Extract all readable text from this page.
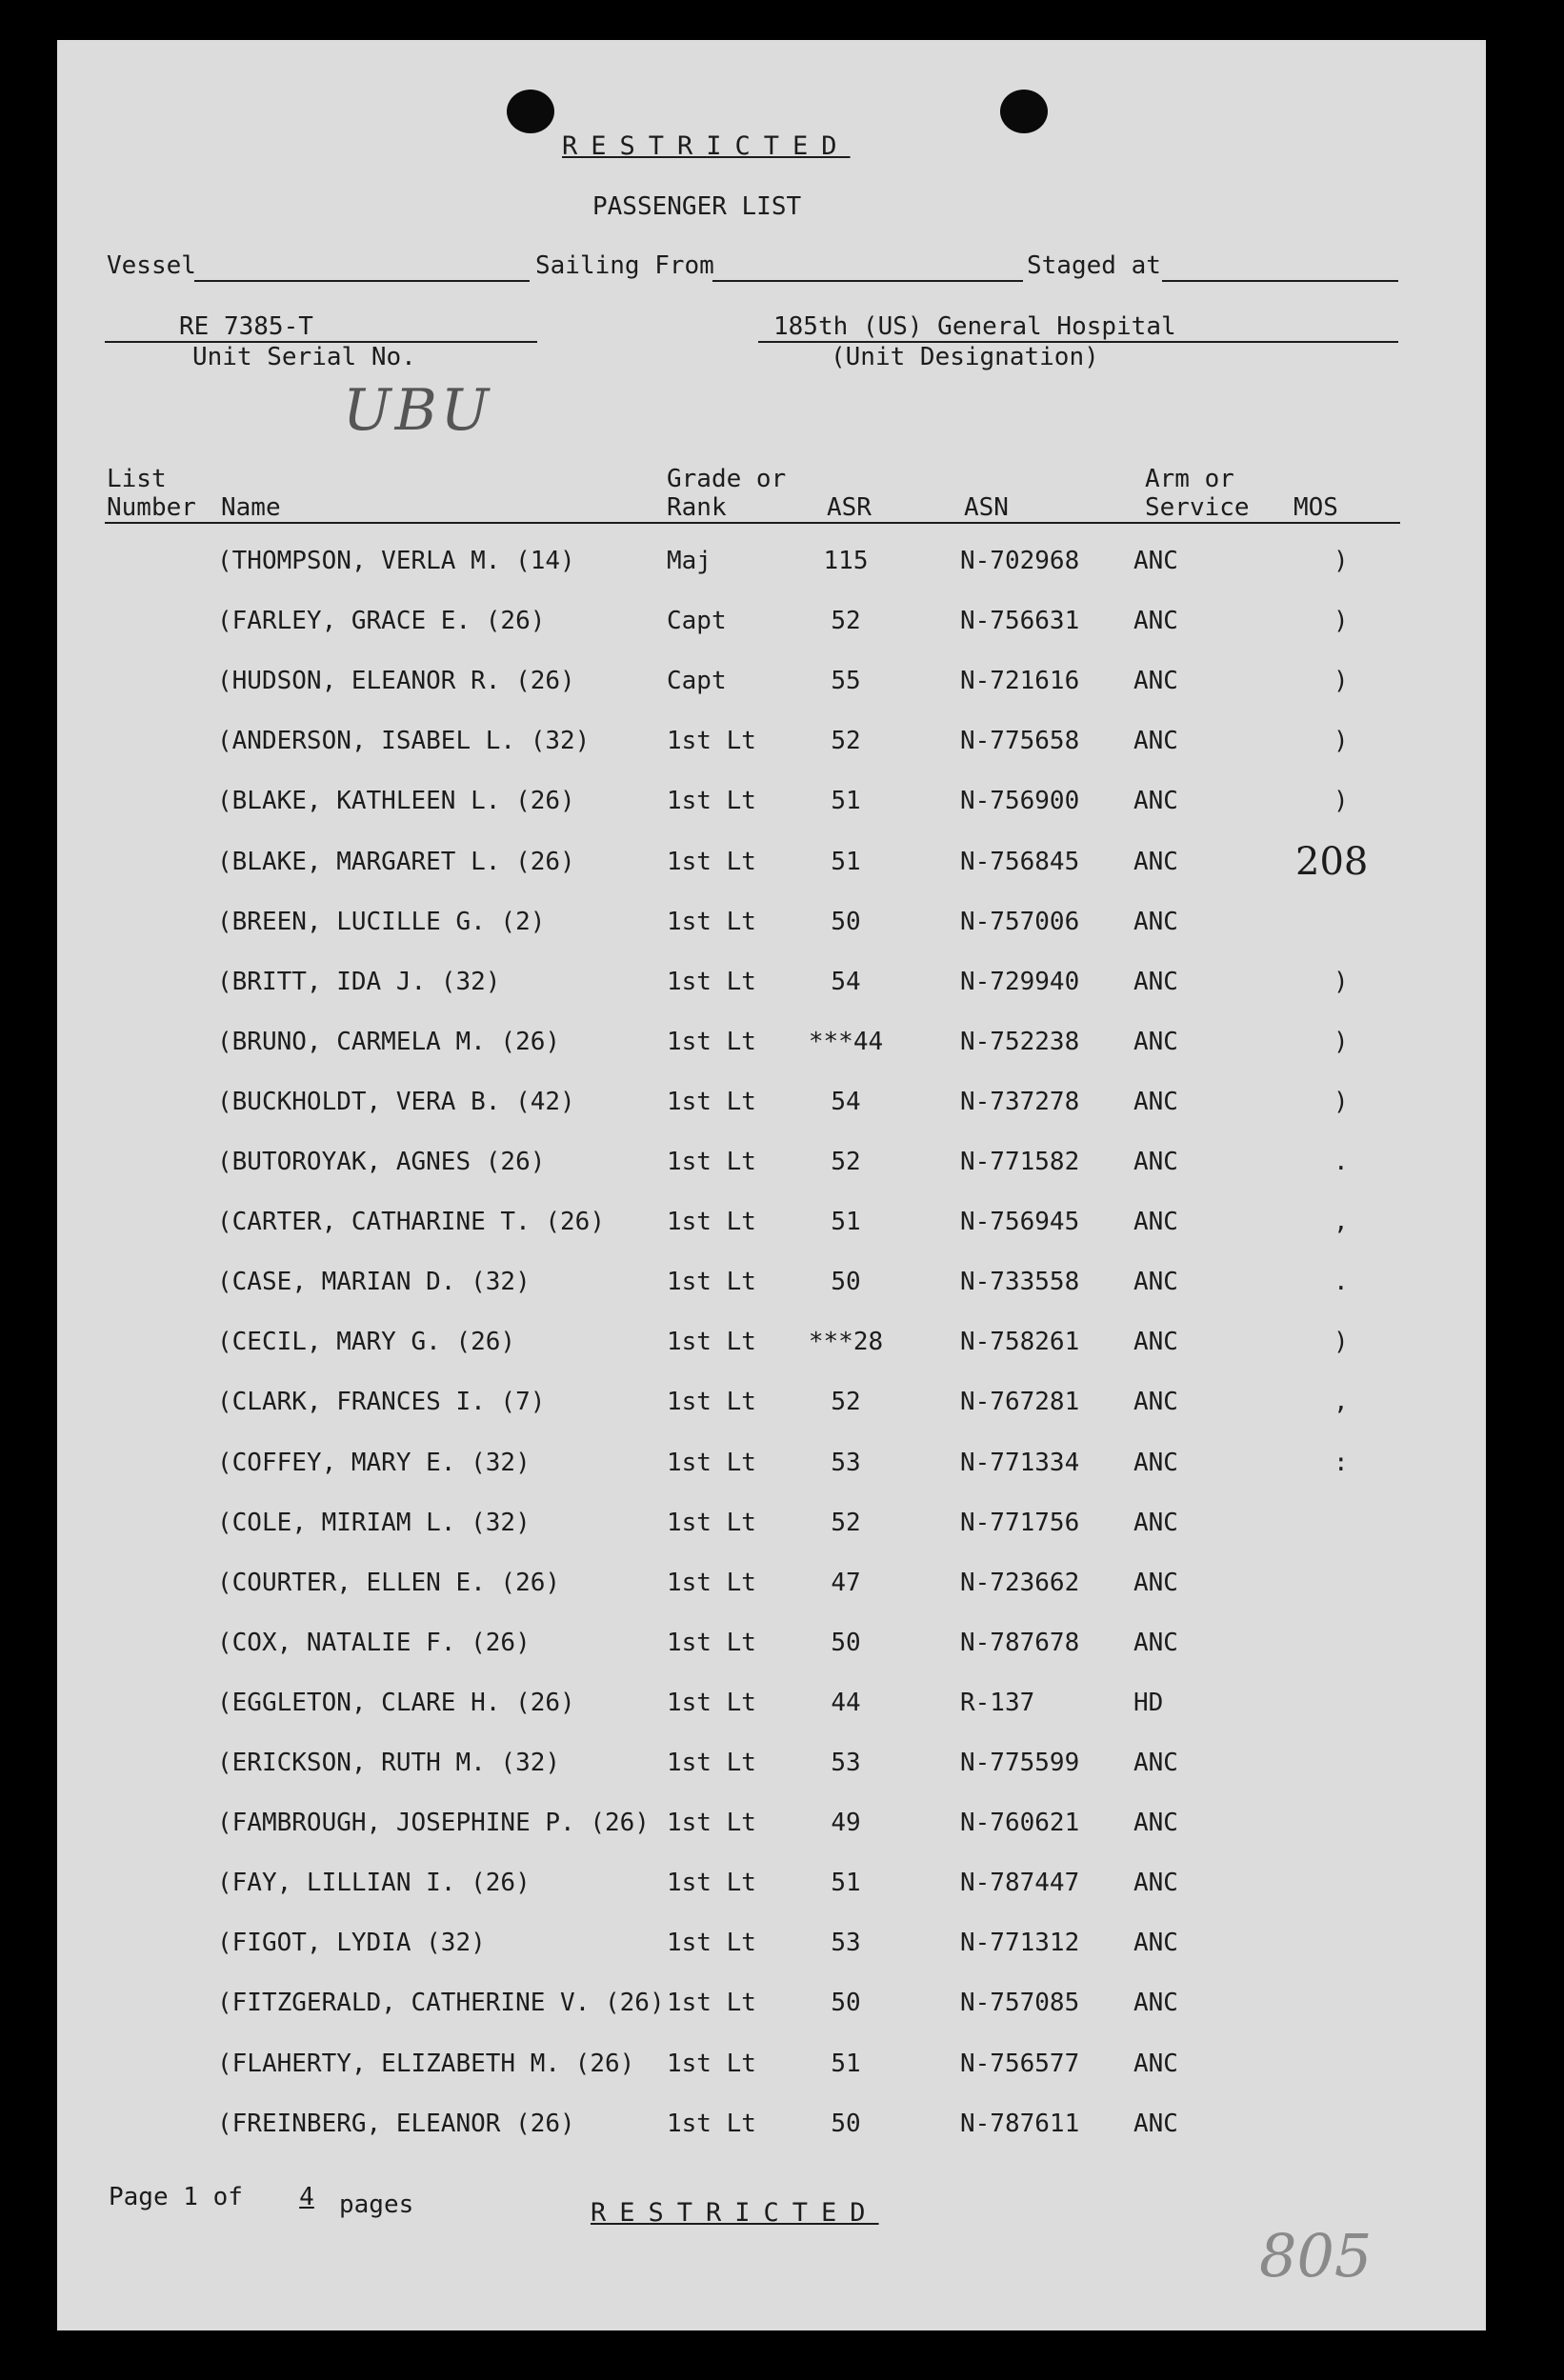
RESTRICTED
PASSENGER LIST
Vessel	Sailing From	Staged at
RE 7385-T
Unit Serial No.
185th (US) General Hospital
(Unit Designation)
UBU
List
Number Name
Grade or
Rank	ASR	ASN
Arm or
Service MOS
(THOMPSON, VERLA M. (14)	Maj	115	N-702968 ANC	)
(FARLEY, GRACE E. (26)	Capt	52	N-756631 ANC	)
(HUDSON, ELEANOR R. (26)	Capt	55	N-721616 ANC	)
(ANDERSON, ISABEL L. (32)	1st Lt	52	N-775658 ANC	)
(BLAKE, KATHLEEN L. (26)	1st Lt	51	N-756900 ANC	)
(BLAKE, MARGARET L. (26)	1st Lt	51	N-756845 ANC	208
(BREEN, LUCILLE G. (2)	1st Lt	50	N-757006 ANC
(BRITT, IDA J. (32)	1st Lt	54	N-729940 ANC	)
(BRUNO, CARMELA M. (26)	1st Lt	***44	N-752238 ANC	)
(BUCKHOLDT, VERA B. (42)	1st Lt	54	N-737278 ANC	)
(BUTOROYAK, AGNES (26)	1st Lt	52	N-771582 ANC	.
(CARTER, CATHARINE T. (26)	1st Lt	51	N-756945 ANC	,
(CASE, MARIAN D. (32)	1st Lt	50	N-733558 ANC	.
(CECIL, MARY G. (26)	1st Lt	***28	N-758261 ANC	)
(CLARK, FRANCES I. (7)	1st Lt	52	N-767281 ANC	,
(COFFEY, MARY E. (32)	1st Lt	53	N-771334 ANC	:
(COLE, MIRIAM L. (32)	1st Lt	52	N-771756 ANC
(COURTER, ELLEN E. (26)	1st Lt	47	N-723662 ANC
(COX, NATALIE F. (26)	1st Lt	50	N-787678 ANC
(EGGLETON, CLARE H. (26)	1st Lt	44	R-137	HD
(ERICKSON, RUTH M. (32)	1st Lt	53	N-775599 ANC
(FAMBROUGH, JOSEPHINE P. (26) 1st Lt	49	N-760621 ANC
(FAY, LILLIAN I. (26)	1st Lt	51	N-787447 ANC
(FIGOT, LYDIA (32)	1st Lt	53	N-771312 ANC
(FITZGERALD, CATHERINE V. (26) 1st Lt	50	N-757085 ANC
(FLAHERTY, ELIZABETH M. (26) 1st Lt	51	N-756577 ANC
(FREINBERG, ELEANOR (26)	1st Lt	50	N-787611 ANC
Page 1 of	4	pages	RESTRICTED
805
